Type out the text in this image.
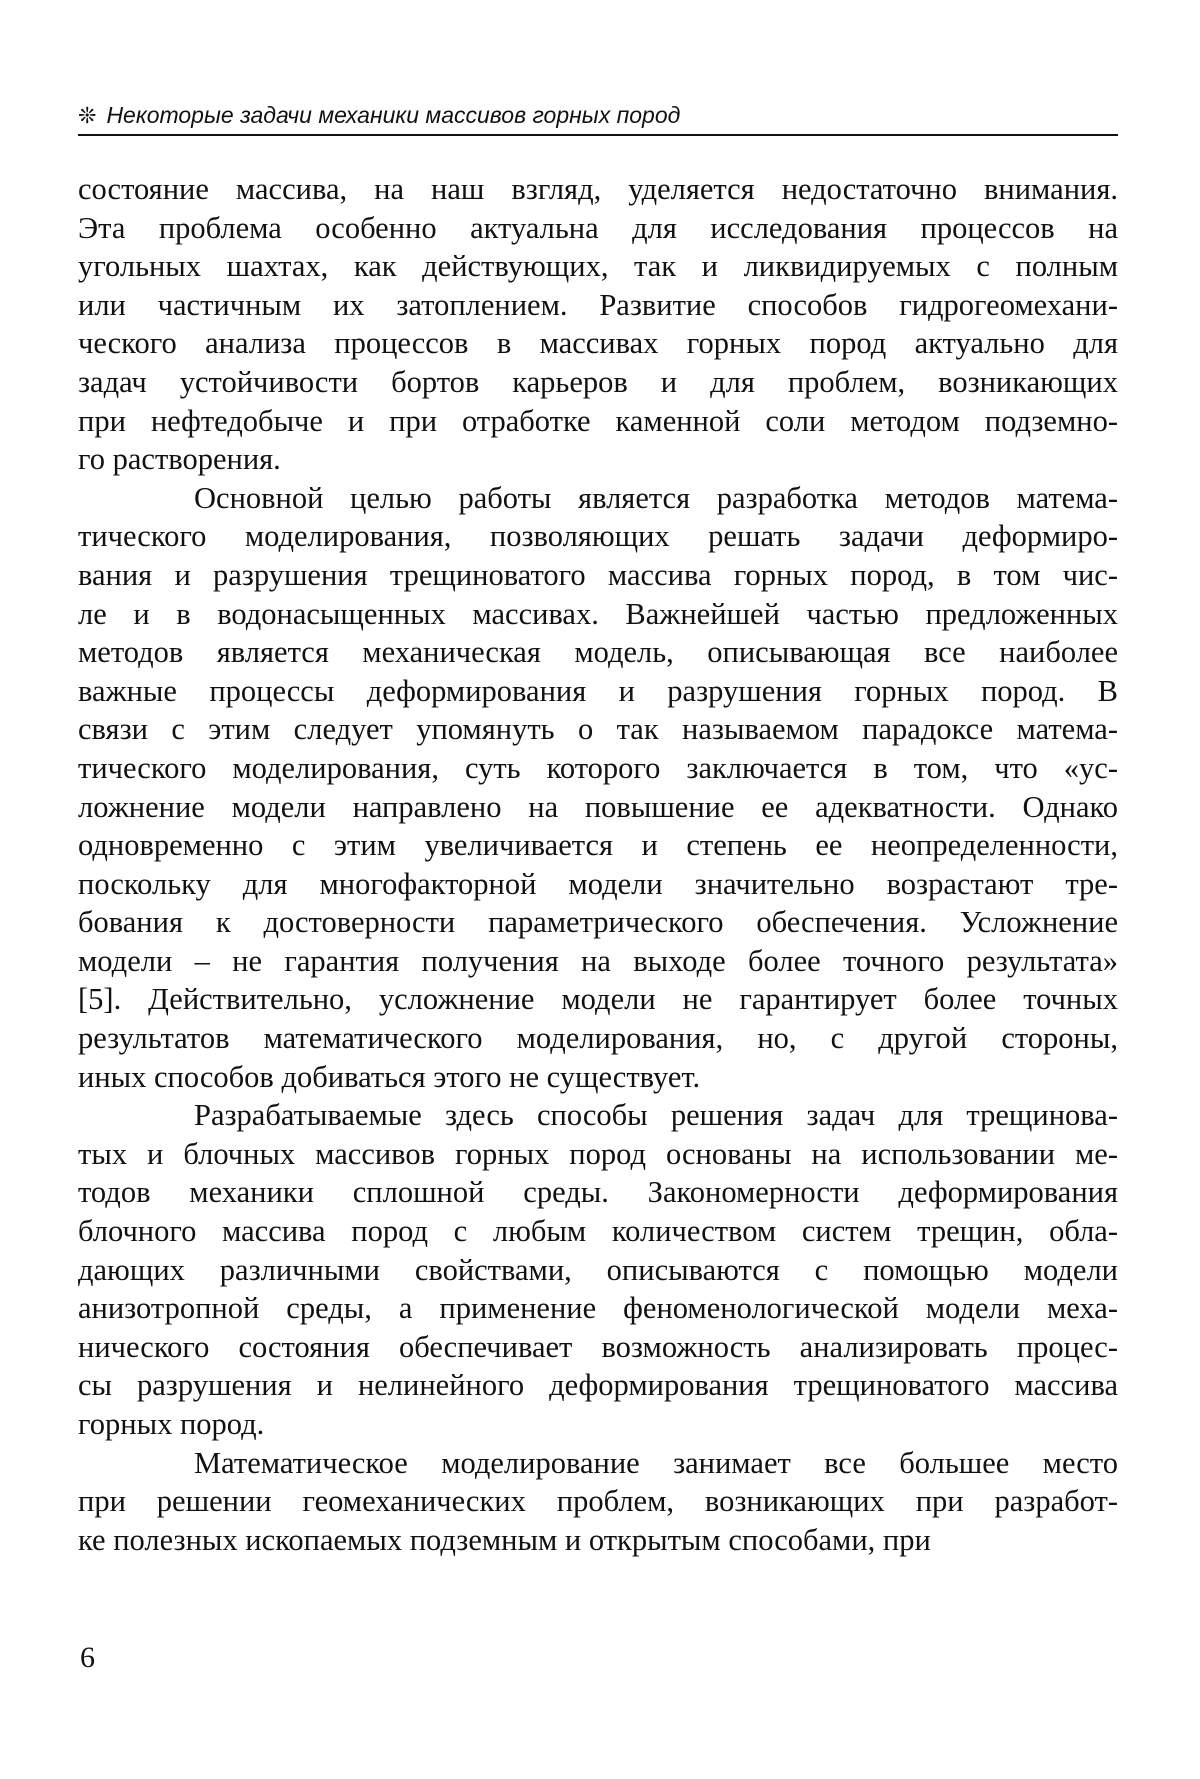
❊ Некоторые задачи механики массивов горных пород
состояние массива, на наш взгляд, уделяется недостаточно внимания.
Эта проблема особенно актуальна для исследования процессов на
угольных шахтах, как действующих, так и ликвидируемых с полным
или частичным их затоплением. Развитие способов гидрогеомехани-
ческого анализа процессов в массивах горных пород актуально для
задач устойчивости бортов карьеров и для проблем, возникающих
при нефтедобыче и при отработке каменной соли методом подземно-
го растворения.
Основной целью работы является разработка методов матема-
тического моделирования, позволяющих решать задачи деформиро-
вания и разрушения трещиноватого массива горных пород, в том чис-
ле и в водонасыщенных массивах. Важнейшей частью предложенных
методов является механическая модель, описывающая все наиболее
важные процессы деформирования и разрушения горных пород. В
связи с этим следует упомянуть о так называемом парадоксе матема-
тического моделирования, суть которого заключается в том, что «ус-
ложнение модели направлено на повышение ее адекватности. Однако
одновременно с этим увеличивается и степень ее неопределенности,
поскольку для многофакторной модели значительно возрастают тре-
бования к достоверности параметрического обеспечения. Усложнение
модели – не гарантия получения на выходе более точного результата»
[5]. Действительно, усложнение модели не гарантирует более точных
результатов математического моделирования, но, с другой стороны,
иных способов добиваться этого не существует.
Разрабатываемые здесь способы решения задач для трещинова-
тых и блочных массивов горных пород основаны на использовании ме-
тодов механики сплошной среды. Закономерности деформирования
блочного массива пород с любым количеством систем трещин, обла-
дающих различными свойствами, описываются с помощью модели
анизотропной среды, а применение феноменологической модели меха-
нического состояния обеспечивает возможность анализировать процес-
сы разрушения и нелинейного деформирования трещиноватого массива
горных пород.
Математическое моделирование занимает все большее место
при решении геомеханических проблем, возникающих при разработ-
ке полезных ископаемых подземным и открытым способами, при
6
